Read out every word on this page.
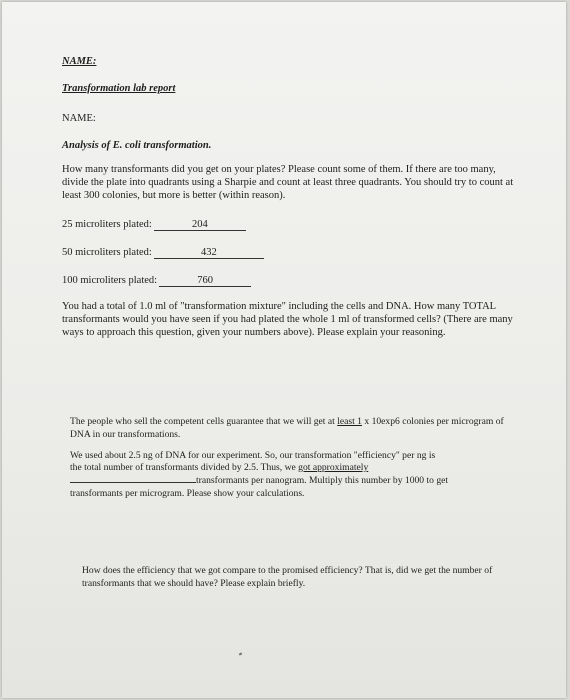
NAME:
Transformation lab report
NAME:
Analysis of E. coli transformation.
How many transformants did you get on your plates? Please count some of them. If there are too many, divide the plate into quadrants using a Sharpie and count at least three quadrants. You should try to count at least 300 colonies, but more is better (within reason).
25 microliters plated:	204
50 microliters plated:	432
100 microliters plated:	760
You had a total of 1.0 ml of "transformation mixture" including the cells and DNA. How many TOTAL transformants would you have seen if you had plated the whole 1 ml of transformed cells? (There are many ways to approach this question, given your numbers above). Please explain your reasoning.
The people who sell the competent cells guarantee that we will get at least 1 x 10exp6 colonies per microgram of DNA in our transformations.
We used about 2.5 ng of DNA for our experiment. So, our transformation "efficiency" per ng is
the total number of transformants divided by 2.5. Thus, we got approximately
transformants per nanogram. Multiply this number by 1000 to get
transformants per microgram. Please show your calculations.
How does the efficiency that we got compare to the promised efficiency? That is, did we get the number of transformants that we should have? Please explain briefly.
